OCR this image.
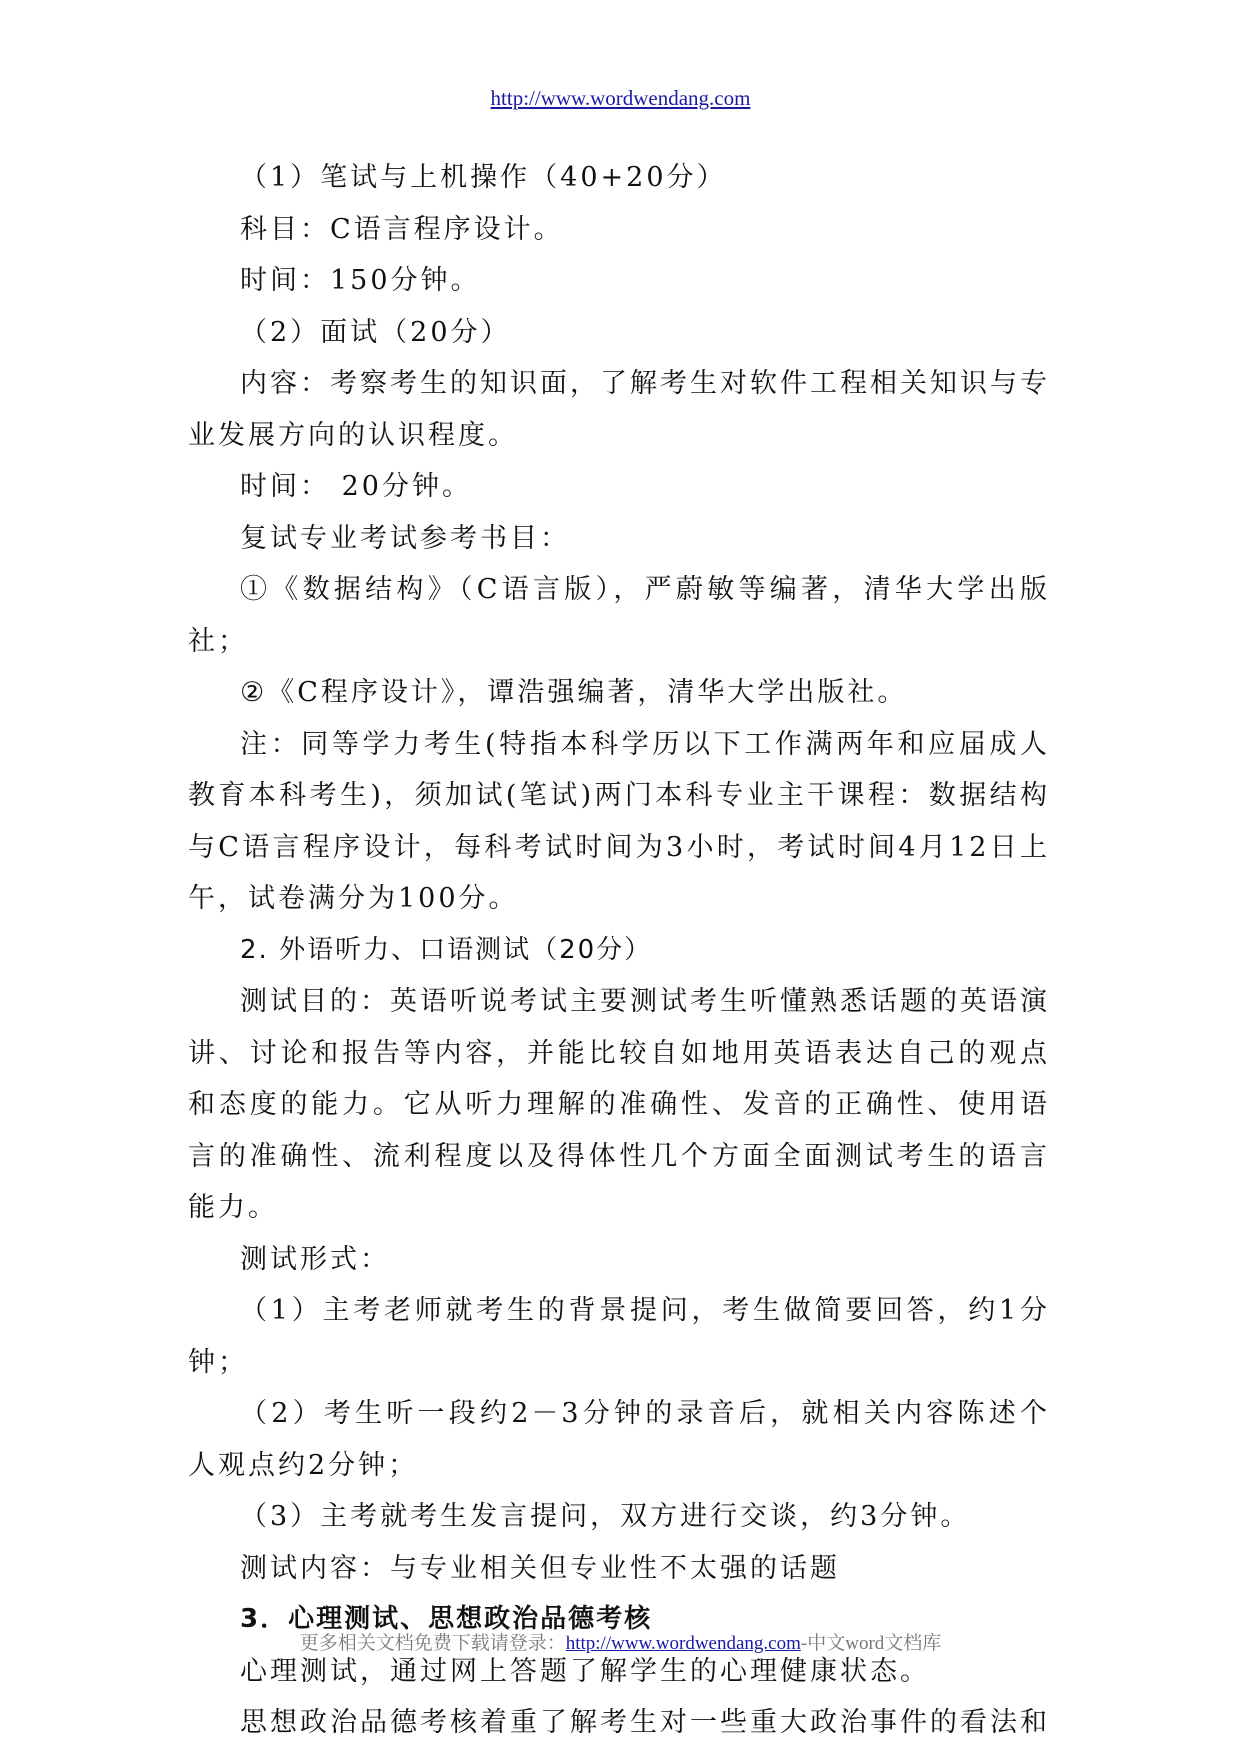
http://www.wordwendang.com

（1）笔试与上机操作（40+20分）

科目：C语言程序设计。

时间：150分钟。

（2）面试（20分）

内容：考察考生的知识面，了解考生对软件工程相关知识与专业发展方向的认识程度。

时间： 20分钟。

复试专业考试参考书目：

①《数据结构》（C语言版），严蔚敏等编著，清华大学出版社；

②《C程序设计》，谭浩强编著，清华大学出版社。

注：同等学力考生(特指本科学历以下工作满两年和应届成人教育本科考生)，须加试(笔试)两门本科专业主干课程：数据结构与C语言程序设计，每科考试时间为3小时，考试时间4月12日上午，试卷满分为100分。

2. 外语听力、口语测试（20分）

测试目的：英语听说考试主要测试考生听懂熟悉话题的英语演讲、讨论和报告等内容，并能比较自如地用英语表达自己的观点和态度的能力。它从听力理解的准确性、发音的正确性、使用语言的准确性、流利程度以及得体性几个方面全面测试考生的语言能力。

测试形式：

（1）主考老师就考生的背景提问，考生做简要回答，约1分钟；

（2）考生听一段约2－3分钟的录音后，就相关内容陈述个人观点约2分钟；

（3）主考就考生发言提问，双方进行交谈，约3分钟。

测试内容：与专业相关但专业性不太强的话题

3．心理测试、思想政治品德考核

心理测试，通过网上答题了解学生的心理健康状态。

思想政治品德考核着重了解考生对一些重大政治事件的看法和

更多相关文档免费下载请登录：http://www.wordwendang.com-中文word文档库
